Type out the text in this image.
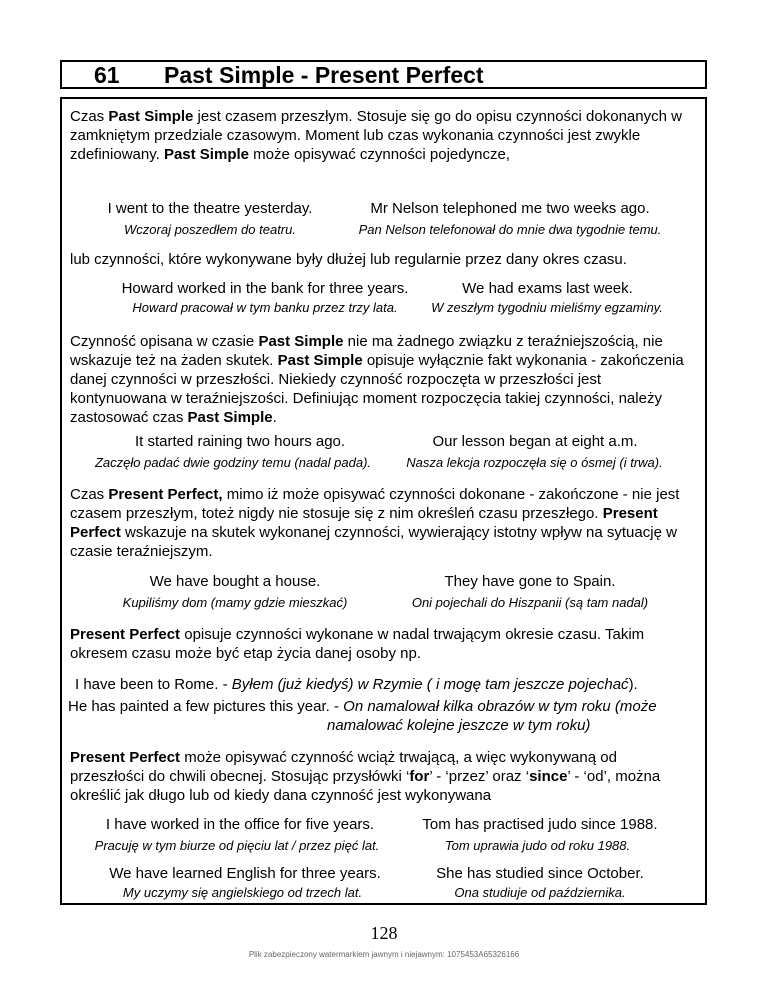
61 Past Simple - Present Perfect
Czas Past Simple jest czasem przeszłym. Stosuje się go do opisu czynności dokonanych w zamkniętym przedziale czasowym. Moment lub czas wykonania czynności jest zwykle zdefiniowany. Past Simple może opisywać czynności pojedyncze,
I went to the theatre yesterday.
Wczoraj poszedłem do teatru.
Mr Nelson telephoned me two weeks ago.
Pan Nelson telefonował do mnie dwa tygodnie temu.
lub czynności, które wykonywane były dłużej lub regularnie przez dany okres czasu.
Howard worked in the bank for three years.
Howard pracował w tym banku przez trzy lata.
We had exams last week.
W zeszłym tygodniu mieliśmy egzaminy.
Czynność opisana w czasie Past Simple nie ma żadnego związku z teraźniejszością, nie wskazuje też na żaden skutek. Past Simple opisuje wyłącznie fakt wykonania - zakończenia danej czynności w przeszłości. Niekiedy czynność rozpoczęta w przeszłości jest kontynuowana w teraźniejszości. Definiując moment rozpoczęcia takiej czynności, należy zastosować czas Past Simple.
It started raining two hours ago.
Zaczęło padać dwie godziny temu (nadal pada).
Our lesson began at eight a.m.
Nasza lekcja rozpoczęła się o ósmej (i trwa).
Czas Present Perfect, mimo iż może opisywać czynności dokonane - zakończone - nie jest czasem przeszłym, toteż nigdy nie stosuje się z nim określeń czasu przeszłego. Present Perfect wskazuje na skutek wykonanej czynności, wywierający istotny wpływ na sytuację w czasie teraźniejszym.
We have bought a house.
Kupiliśmy dom (mamy gdzie mieszkać)
They have gone to Spain.
Oni pojechali do Hiszpanii (są tam nadal)
Present Perfect opisuje czynności wykonane w nadal trwającym okresie czasu. Takim okresem czasu może być etap życia danej osoby np.
I have been to Rome. - Byłem (już kiedyś) w Rzymie ( i mogę tam jeszcze pojechać).
He has painted a few pictures this year. - On namalował kilka obrazów w tym roku (może
namalować kolejne jeszcze w tym roku)
Present Perfect może opisywać czynność wciąż trwającą, a więc wykonywaną od przeszłości do chwili obecnej. Stosując przysłówki ‘for’ - ‘przez’ oraz ‘since’ - ‘od’, można określić jak długo lub od kiedy dana czynność jest wykonywana
I have worked in the office for five years.
Pracuję w tym biurze od pięciu lat / przez pięć lat.
Tom has practised judo since 1988.
Tom uprawia judo od roku 1988.
We have learned English for three years.
My uczymy się angielskiego od trzech lat.
She has studied since October.
Ona studiuje od października.
128
Plik zabezpieczony watermarkiem jawnym i niejawnym: 1075453A65326166
